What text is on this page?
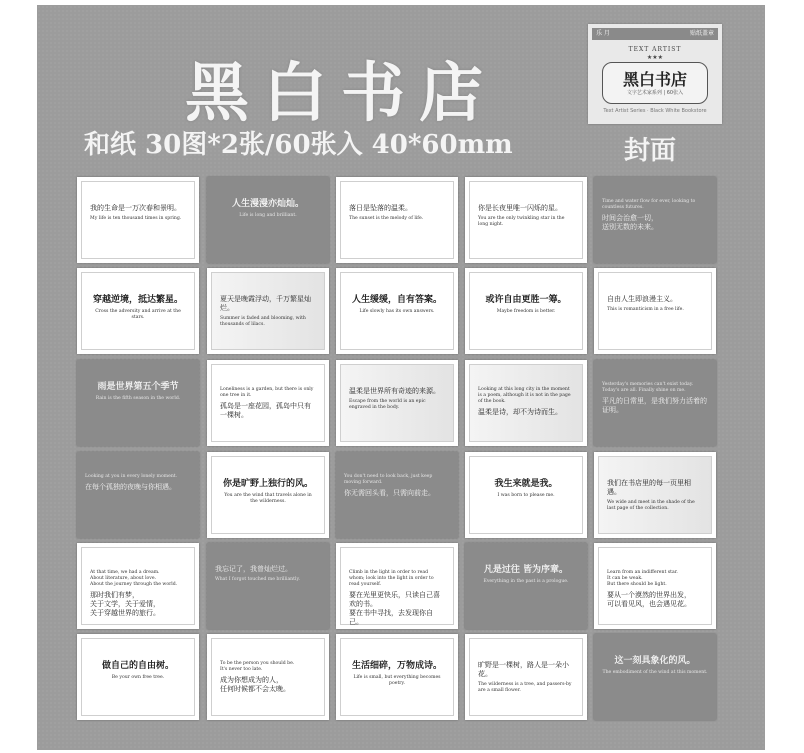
黑白书店
和纸 30图*2张/60张入 40*60mm
乐 月	贴纸盖章
TEXT ARTIST
★★★
黑白书店
文字艺术家系列 | 60张入
Text Artist Series · Black White Bookstore
封面
我的生命是一万次春和景明。
My life is ten thousand times in spring.
人生漫漫亦灿灿。
Life is long and brilliant.
落日是坠落的温柔。
The sunset is the melody of life.
你是长夜里唯一闪烁的星。
You are the only twinkling star in the long night.
Time and water flow for ever, looking to countless futures.
时间会治愈一切，
送别无数的未来。
穿越逆境，抵达繁星。
Cross the adversity and arrive at the stars.
夏天是晚霞浮动，千万繁星灿烂。
Summer is faded and blooming, with thousands of lilacs.
人生缓缓，自有答案。
Life slowly has its own answers.
或许自由更胜一筹。
Maybe freedom is better.
自由人生即浪漫主义。
This is romanticism in a free life.
雨是世界第五个季节
Rain is the fifth season in the world.
Loneliness is a garden, but there is only one tree in it.
孤岛是一座花园，孤岛中只有一棵树。
温柔是世界所有奇迹的来源。
Escape from the world is an epic engraved in the body.
Looking at this long city in the moment is a poem, although it is not in the page of the book.
温柔是诗，却不为诗而生。
Yesterday's memories can't exist today. Today's are all. Finally shine on me.
平凡的日常里，是我们努力活着的证明。
Looking at you in every lonely moment.
在每个孤独的夜晚与你相遇。	你是旷野上独行的风。
You are the wind that travels alone in the wilderness.
You don't need to look back, just keep moving forward.
你无需回头看，只需向前走。
我生来就是我。
I was born to please me.
我们在书店里的每一页里相遇。
We wide and meet in the shade of the last page of the collection.
At that time, we had a dream.
About literature, about love.
About the journey through the world.
那时我们有梦，
关于文学，关于爱情，
关于穿越世界的旅行。
我忘记了，我曾灿烂过。
What I forgot touched me brilliantly.
Climb in the light in order to read whom; look into the light in order to read yourself.
要在光里更快乐，只读自己喜欢的书。
要在书中寻找，去发现你自己。
凡是过往 皆为序章。
Everything in the past is a prologue.
Learn from an indifferent star.
It can be weak.
But there should be light.
要从一个漠然的世界出发，
可以看见风，也会遇见花。
做自己的自由树。
Be your own free tree.
To be the person you should be.
It's never too late.
成为你想成为的人，
任何时候都不会太晚。
生活细碎，万物成诗。
Life is small, but everything becomes poetry.
旷野是一棵树，路人是一朵小花。
The wilderness is a tree, and passers-by are a small flower.
这一刻具象化的风。
The embodiment of the wind at this moment.
